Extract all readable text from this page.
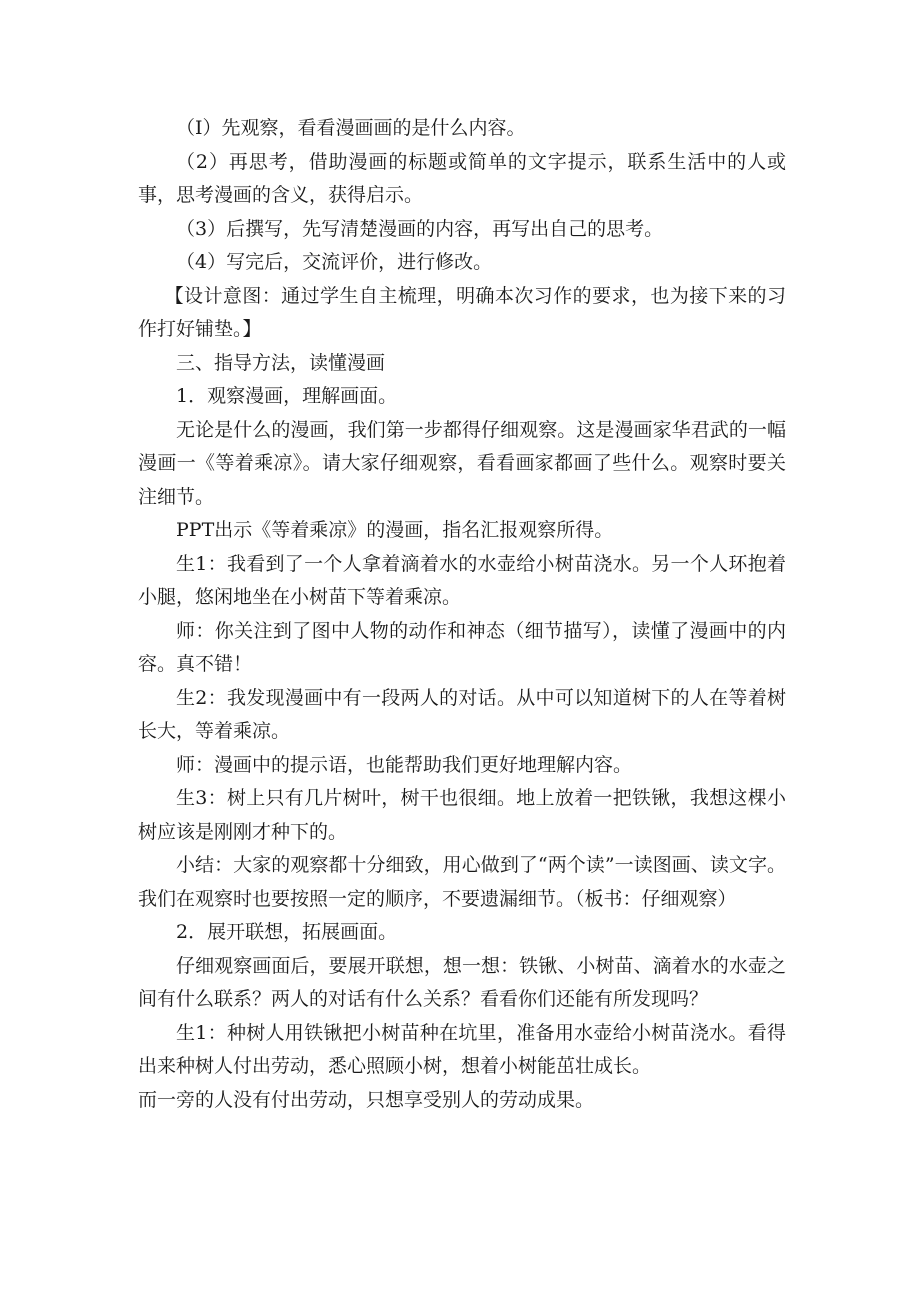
（I）先观察，看看漫画画的是什么内容。

（2）再思考，借助漫画的标题或简单的文字提示，联系生活中的人或事，思考漫画的含义，获得启示。

（3）后撰写，先写清楚漫画的内容，再写出自己的思考。

（4）写完后，交流评价，进行修改。

【设计意图：通过学生自主梳理，明确本次习作的要求，也为接下来的习作打好铺垫。】

三、指导方法，读懂漫画

1．观察漫画，理解画面。

无论是什么的漫画，我们第一步都得仔细观察。这是漫画家华君武的一幅漫画一《等着乘凉》。请大家仔细观察，看看画家都画了些什么。观察时要关注细节。

PPT出示《等着乘凉》的漫画，指名汇报观察所得。

生1：我看到了一个人拿着滴着水的水壶给小树苗浇水。另一个人环抱着小腿，悠闲地坐在小树苗下等着乘凉。

师：你关注到了图中人物的动作和神态（细节描写），读懂了漫画中的内容。真不错！

生2：我发现漫画中有一段两人的对话。从中可以知道树下的人在等着树长大，等着乘凉。

师：漫画中的提示语，也能帮助我们更好地理解内容。

生3：树上只有几片树叶，树干也很细。地上放着一把铁锹，我想这棵小树应该是刚刚才种下的。

小结：大家的观察都十分细致，用心做到了“两个读”一读图画、读文字。我们在观察时也要按照一定的顺序，不要遗漏细节。（板书：仔细观察）

2．展开联想，拓展画面。

仔细观察画面后，要展开联想，想一想：铁锹、小树苗、滴着水的水壶之间有什么联系？两人的对话有什么关系？看看你们还能有所发现吗？

生1：种树人用铁锹把小树苗种在坑里，准备用水壶给小树苗浇水。看得出来种树人付出劳动，悉心照顾小树，想着小树能茁壮成长。

而一旁的人没有付出劳动，只想享受别人的劳动成果。
